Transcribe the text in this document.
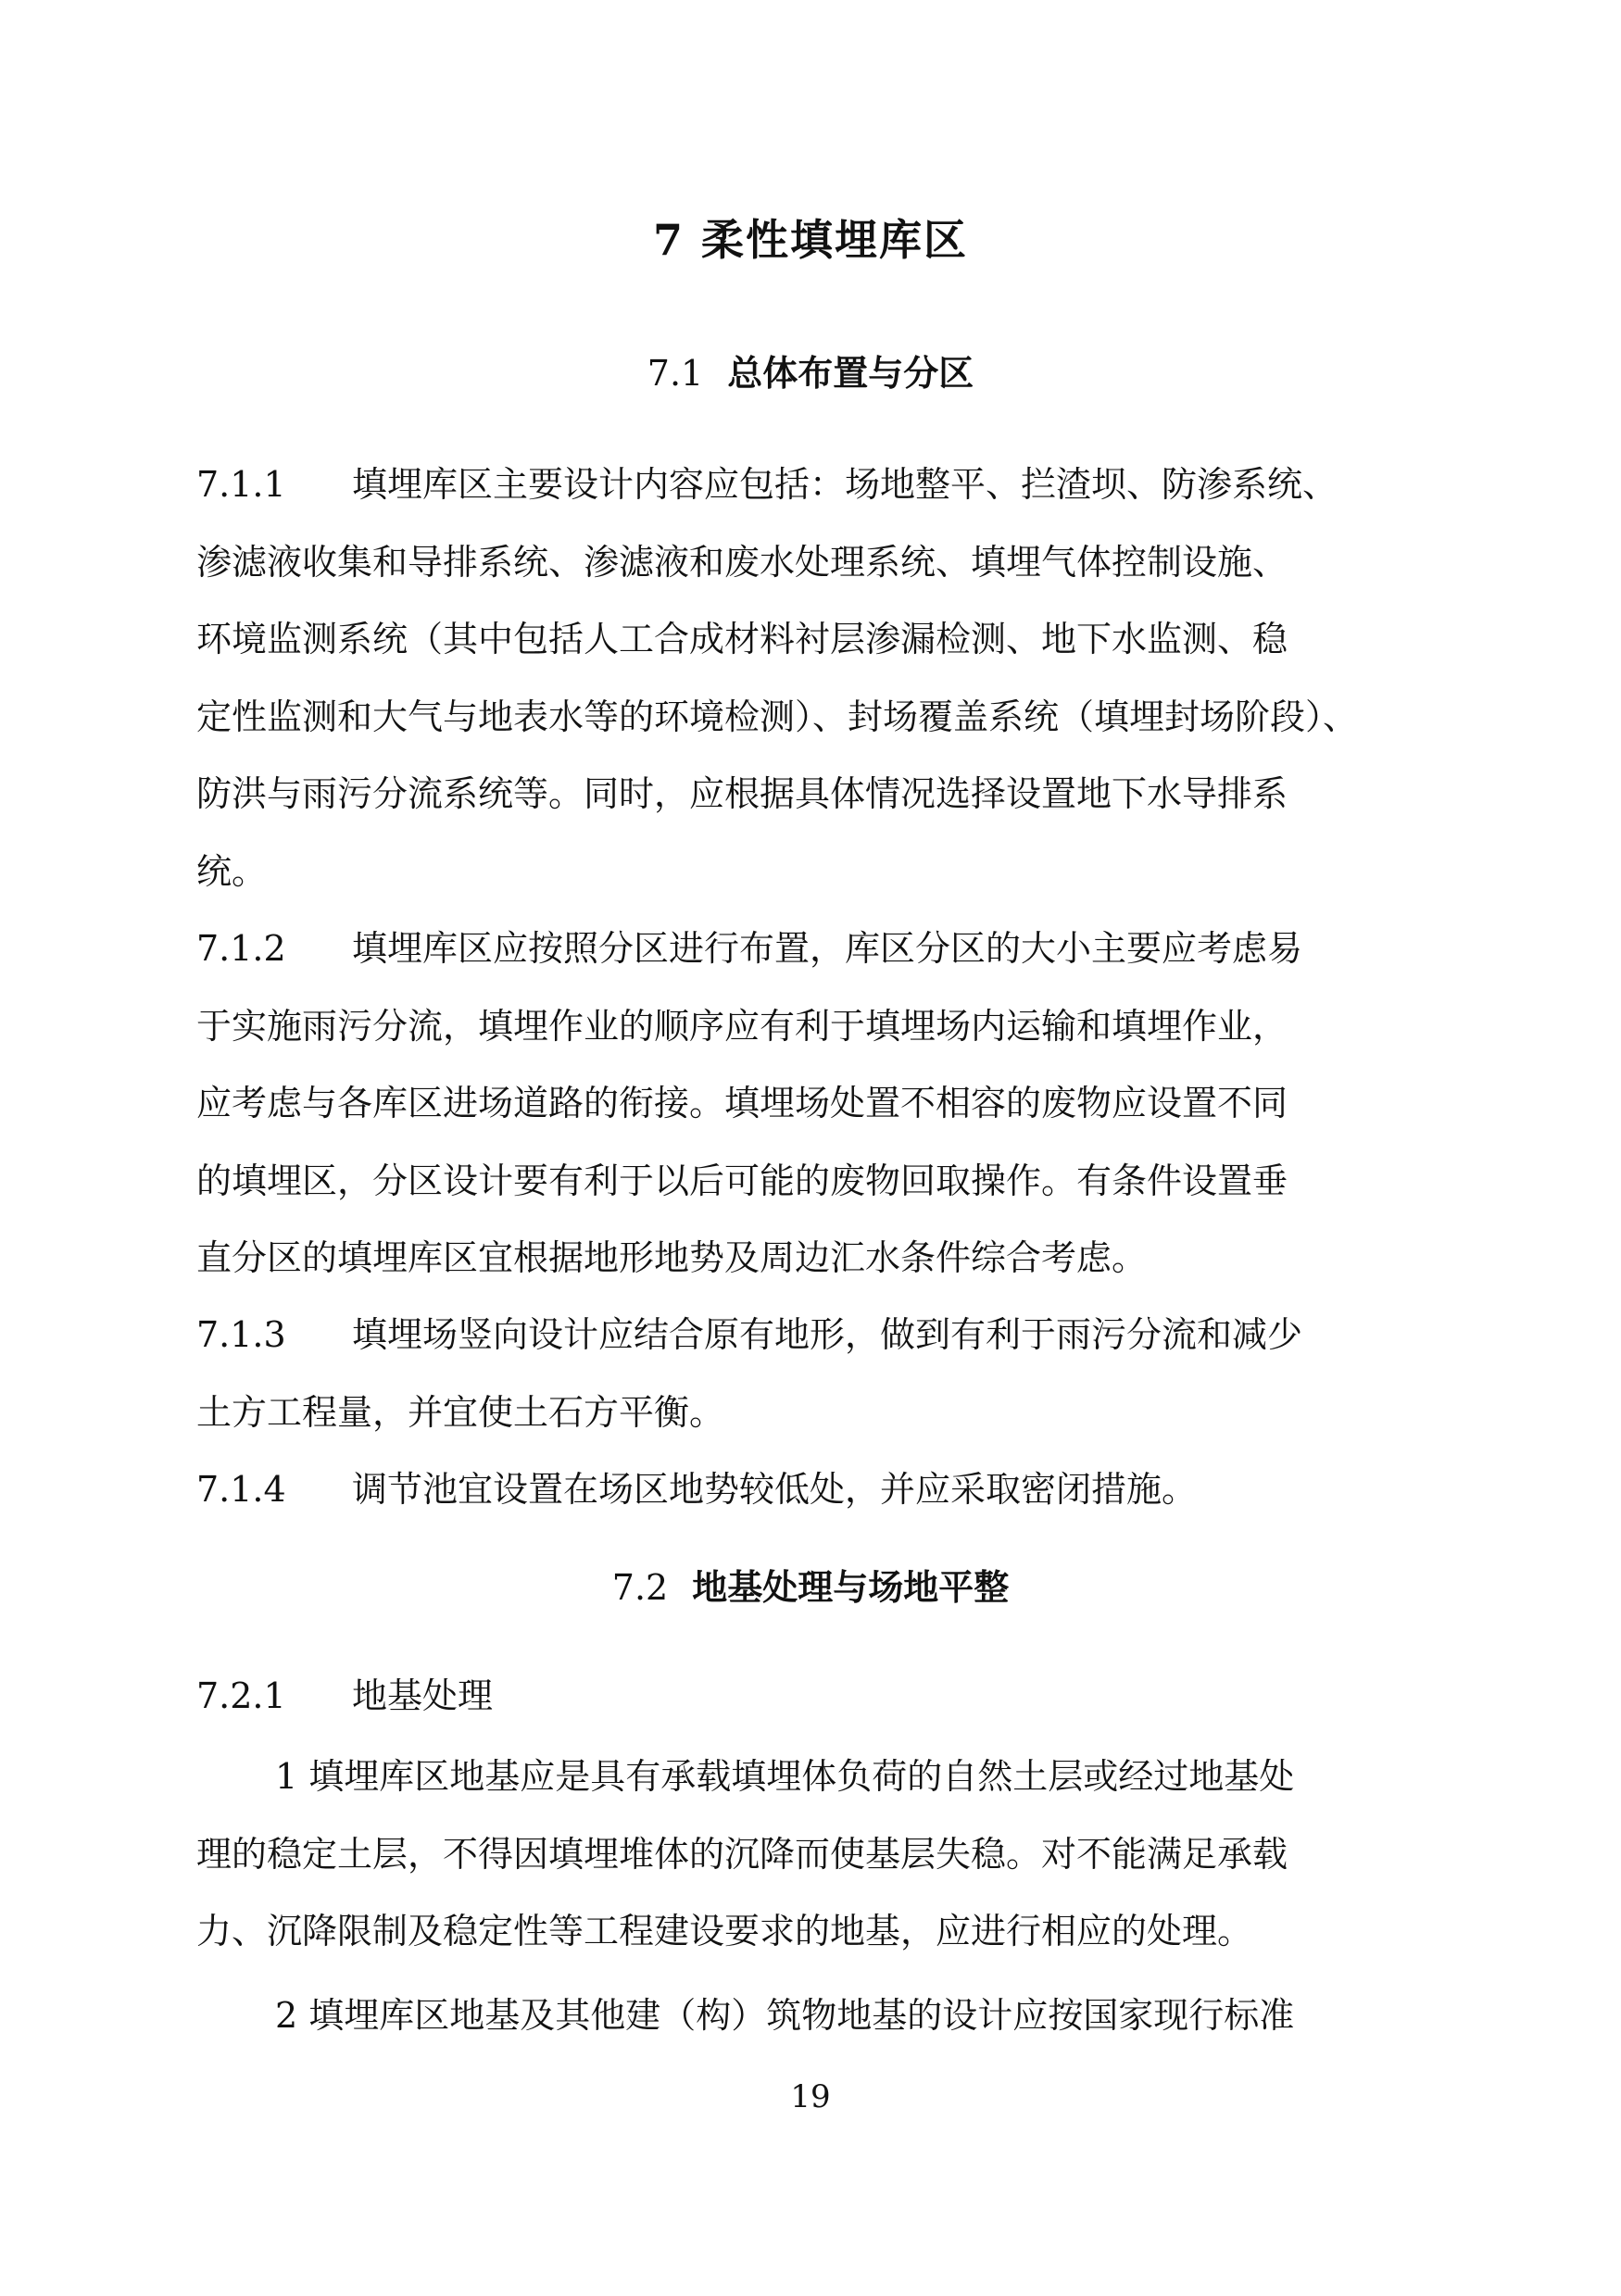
7 柔性填埋库区
7.1 总体布置与分区
7.1.1 填埋库区主要设计内容应包括：场地整平、拦渣坝、防渗系统、
渗滤液收集和导排系统、渗滤液和废水处理系统、填埋气体控制设施、
环境监测系统（其中包括人工合成材料衬层渗漏检测、地下水监测、稳
定性监测和大气与地表水等的环境检测）、封场覆盖系统（填埋封场阶段）、
防洪与雨污分流系统等。同时，应根据具体情况选择设置地下水导排系
统。
7.1.2 填埋库区应按照分区进行布置，库区分区的大小主要应考虑易
于实施雨污分流，填埋作业的顺序应有利于填埋场内运输和填埋作业，
应考虑与各库区进场道路的衔接。填埋场处置不相容的废物应设置不同
的填埋区，分区设计要有利于以后可能的废物回取操作。有条件设置垂
直分区的填埋库区宜根据地形地势及周边汇水条件综合考虑。
7.1.3 填埋场竖向设计应结合原有地形，做到有利于雨污分流和减少
土方工程量，并宜使土石方平衡。
7.1.4 调节池宜设置在场区地势较低处，并应采取密闭措施。
7.2 地基处理与场地平整
7.2.1 地基处理
1 填埋库区地基应是具有承载填埋体负荷的自然土层或经过地基处
理的稳定土层，不得因填埋堆体的沉降而使基层失稳。对不能满足承载
力、沉降限制及稳定性等工程建设要求的地基，应进行相应的处理。
2 填埋库区地基及其他建（构）筑物地基的设计应按国家现行标准
19
